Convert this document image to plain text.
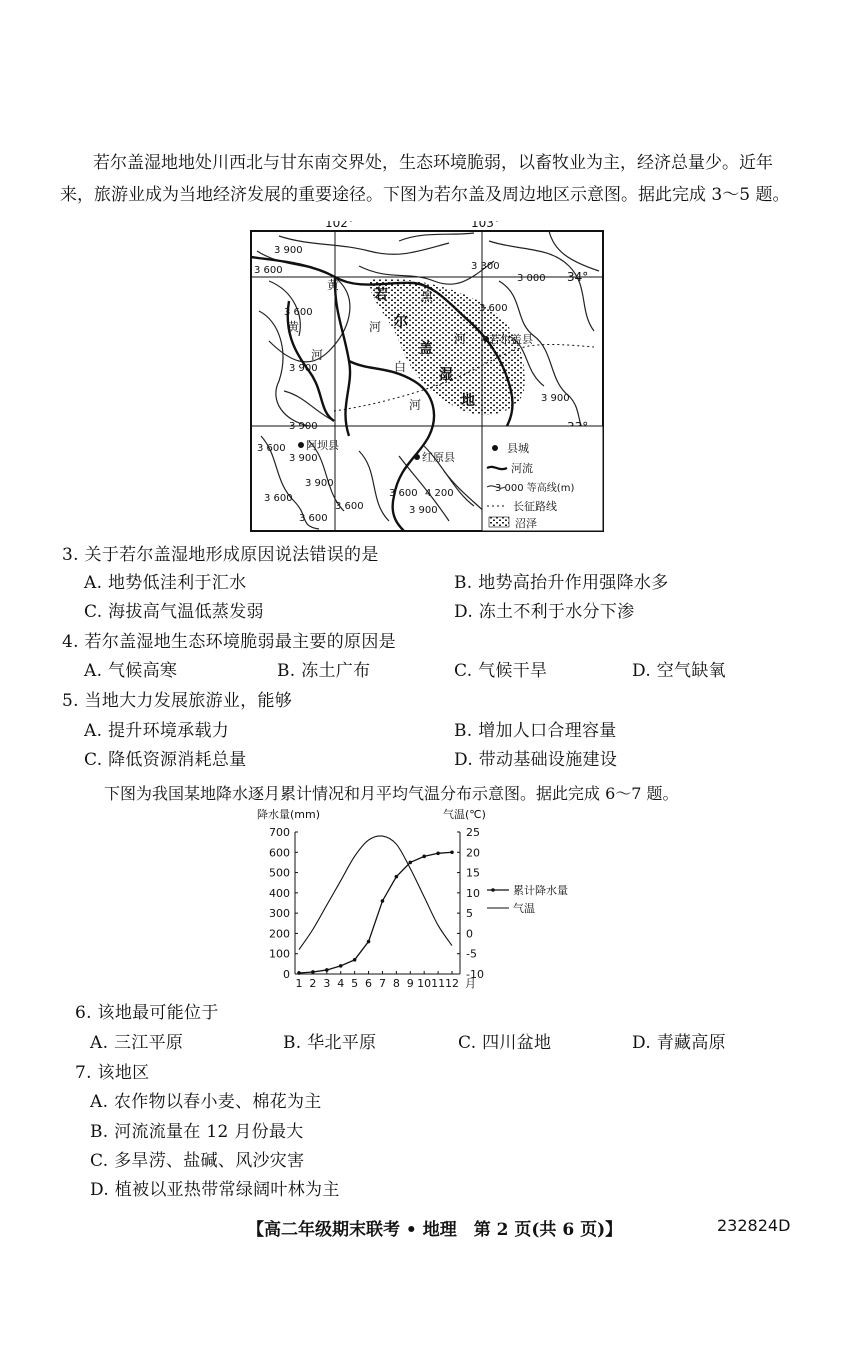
若尔盖湿地地处川西北与甘东南交界处，生态环境脆弱，以畜牧业为主，经济总量少。近年
来，旅游业成为当地经济发展的重要途径。下图为若尔盖及周边地区示意图。据此完成 3～5 题。
102°	103°
34°
若尔盖县
阿坝县
红原县
3 900
3 600
3 600
3 900
3 300
3 000
3 600
3 900
3 900
3 600
3 900
3 600
3 600
3 900
3 600
3 900
4 200
3 600
黄
河
黄
河
白
河
黑
河
若
尔
盖
湿
地
县城
河流
3 000 等高线(m)
长征路线
沼泽
3. 关于若尔盖湿地形成原因说法错误的是
A. 地势低洼利于汇水	B. 地势高抬升作用强降水多
C. 海拔高气温低蒸发弱	D. 冻土不利于水分下渗
4. 若尔盖湿地生态环境脆弱最主要的原因是
A. 气候高寒	B. 冻土广布	C. 气候干旱	D. 空气缺氧
5. 当地大力发展旅游业，能够
A. 提升环境承载力	B. 增加人口合理容量
C. 降低资源消耗总量	D. 带动基础设施建设
下图为我国某地降水逐月累计情况和月平均气温分布示意图。据此完成 6～7 题。
降水量(mm)	气温(℃)
月
700
600
500
400
300
200
100
0
25
20
15
10
5
0
-5
-10
1 2 3 4 5 6 7 8 9 10 11 12
累计降水量
气温
6. 该地最可能位于
A. 三江平原	B. 华北平原	C. 四川盆地	D. 青藏高原
7. 该地区
A. 农作物以春小麦、棉花为主
B. 河流流量在 12 月份最大
C. 多旱涝、盐碱、风沙灾害
D. 植被以亚热带常绿阔叶林为主
【高二年级期末联考 • 地理　第 2 页(共 6 页)】	232824D
